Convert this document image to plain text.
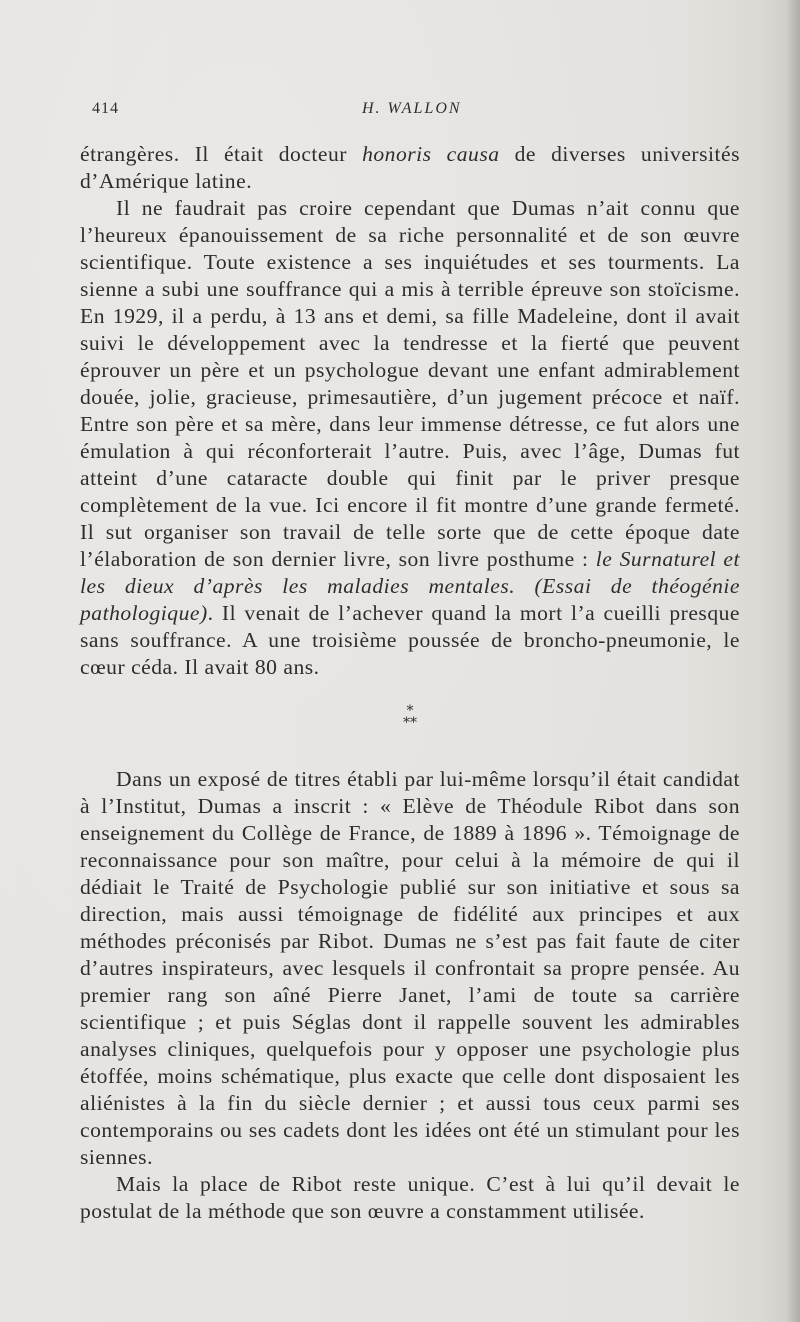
414	H. WALLON

étrangères. Il était docteur honoris causa de diverses universités d’Amérique latine.

Il ne faudrait pas croire cependant que Dumas n’ait connu que l’heureux épanouissement de sa riche personnalité et de son œuvre scientifique. Toute existence a ses inquiétudes et ses tourments. La sienne a subi une souffrance qui a mis à terrible épreuve son stoïcisme. En 1929, il a perdu, à 13 ans et demi, sa fille Madeleine, dont il avait suivi le développement avec la tendresse et la fierté que peuvent éprouver un père et un psychologue devant une enfant admirablement douée, jolie, gracieuse, primesautière, d’un jugement précoce et naïf. Entre son père et sa mère, dans leur immense détresse, ce fut alors une émulation à qui réconforterait l’autre. Puis, avec l’âge, Dumas fut atteint d’une cataracte double qui finit par le priver presque complètement de la vue. Ici encore il fit montre d’une grande fermeté. Il sut organiser son travail de telle sorte que de cette époque date l’élaboration de son dernier livre, son livre posthume : le Surnaturel et les dieux d’après les maladies mentales. (Essai de théogénie pathologique). Il venait de l’achever quand la mort l’a cueilli presque sans souffrance. A une troisième poussée de broncho-pneumonie, le cœur céda. Il avait 80 ans.

*
**

Dans un exposé de titres établi par lui-même lorsqu’il était candidat à l’Institut, Dumas a inscrit : « Elève de Théodule Ribot dans son enseignement du Collège de France, de 1889 à 1896 ». Témoignage de reconnaissance pour son maître, pour celui à la mémoire de qui il dédiait le Traité de Psychologie publié sur son initiative et sous sa direction, mais aussi témoignage de fidélité aux principes et aux méthodes préconisés par Ribot. Dumas ne s’est pas fait faute de citer d’autres inspirateurs, avec lesquels il confrontait sa propre pensée. Au premier rang son aîné Pierre Janet, l’ami de toute sa carrière scientifique ; et puis Séglas dont il rappelle souvent les admirables analyses cliniques, quelquefois pour y opposer une psychologie plus étoffée, moins schématique, plus exacte que celle dont disposaient les aliénistes à la fin du siècle dernier ; et aussi tous ceux parmi ses contemporains ou ses cadets dont les idées ont été un stimulant pour les siennes.

Mais la place de Ribot reste unique. C’est à lui qu’il devait le postulat de la méthode que son œuvre a constamment utilisée.
